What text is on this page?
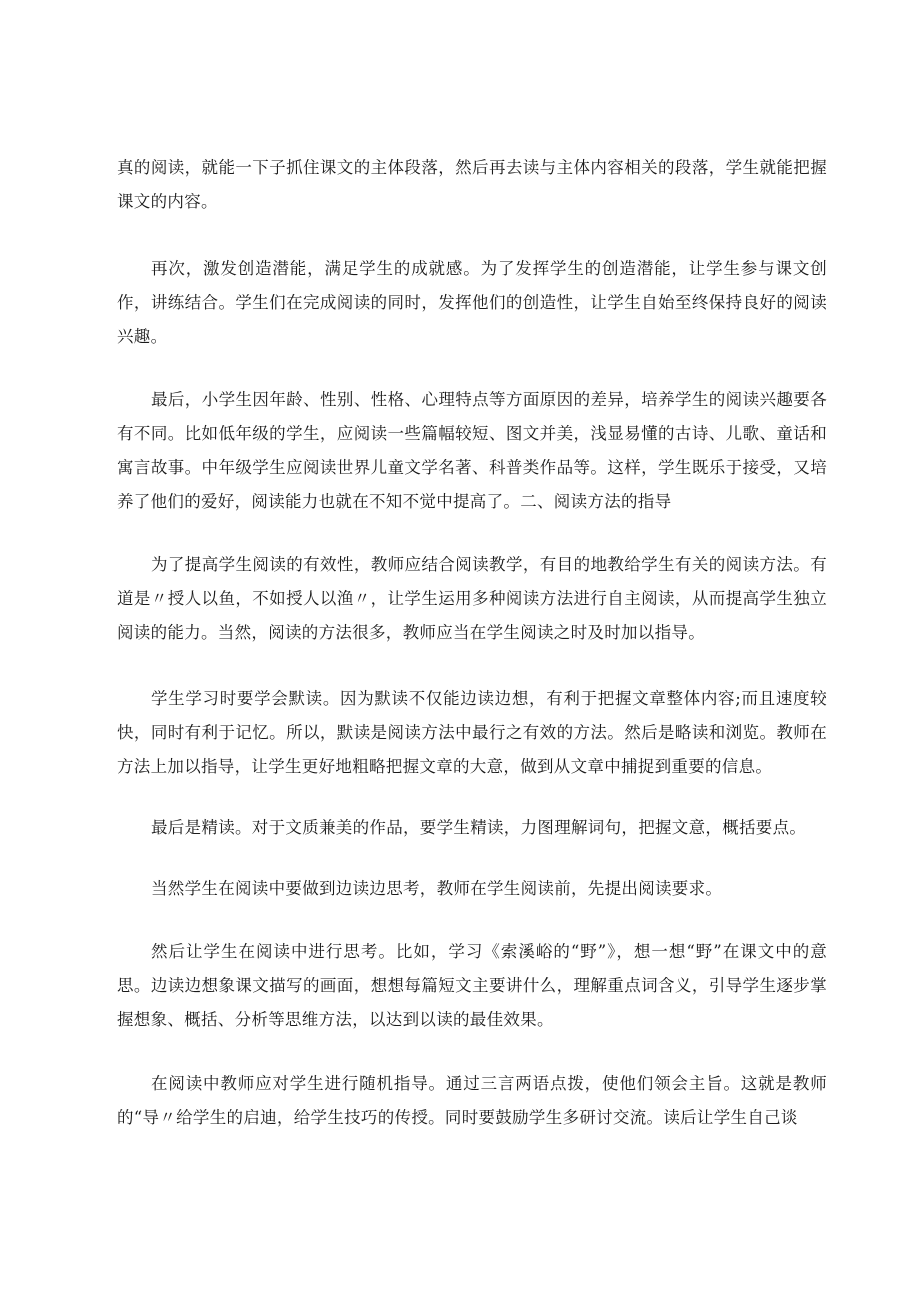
真的阅读，就能一下子抓住课文的主体段落，然后再去读与主体内容相关的段落，学生就能把握课文的内容。

再次，激发创造潜能，满足学生的成就感。为了发挥学生的创造潜能，让学生参与课文创作，讲练结合。学生们在完成阅读的同时，发挥他们的创造性，让学生自始至终保持良好的阅读兴趣。

最后，小学生因年龄、性别、性格、心理特点等方面原因的差异，培养学生的阅读兴趣要各有不同。比如低年级的学生，应阅读一些篇幅较短、图文并美，浅显易懂的古诗、儿歌、童话和寓言故事。中年级学生应阅读世界儿童文学名著、科普类作品等。这样，学生既乐于接受，又培养了他们的爱好，阅读能力也就在不知不觉中提高了。二、阅读方法的指导

为了提高学生阅读的有效性，教师应结合阅读教学，有目的地教给学生有关的阅读方法。有道是〃授人以鱼，不如授人以渔〃，让学生运用多种阅读方法进行自主阅读，从而提高学生独立阅读的能力。当然，阅读的方法很多，教师应当在学生阅读之时及时加以指导。

学生学习时要学会默读。因为默读不仅能边读边想，有利于把握文章整体内容;而且速度较快，同时有利于记忆。所以，默读是阅读方法中最行之有效的方法。然后是略读和浏览。教师在方法上加以指导，让学生更好地粗略把握文章的大意，做到从文章中捕捉到重要的信息。

最后是精读。对于文质兼美的作品，要学生精读，力图理解词句，把握文意，概括要点。

当然学生在阅读中要做到边读边思考，教师在学生阅读前，先提出阅读要求。

然后让学生在阅读中进行思考。比如，学习《索溪峪的“野”》，想一想“野”在课文中的意思。边读边想象课文描写的画面，想想每篇短文主要讲什么，理解重点词含义，引导学生逐步掌握想象、概括、分析等思维方法，以达到以读的最佳效果。

在阅读中教师应对学生进行随机指导。通过三言两语点拨，使他们领会主旨。这就是教师的“导〃给学生的启迪，给学生技巧的传授。同时要鼓励学生多研讨交流。读后让学生自己谈
